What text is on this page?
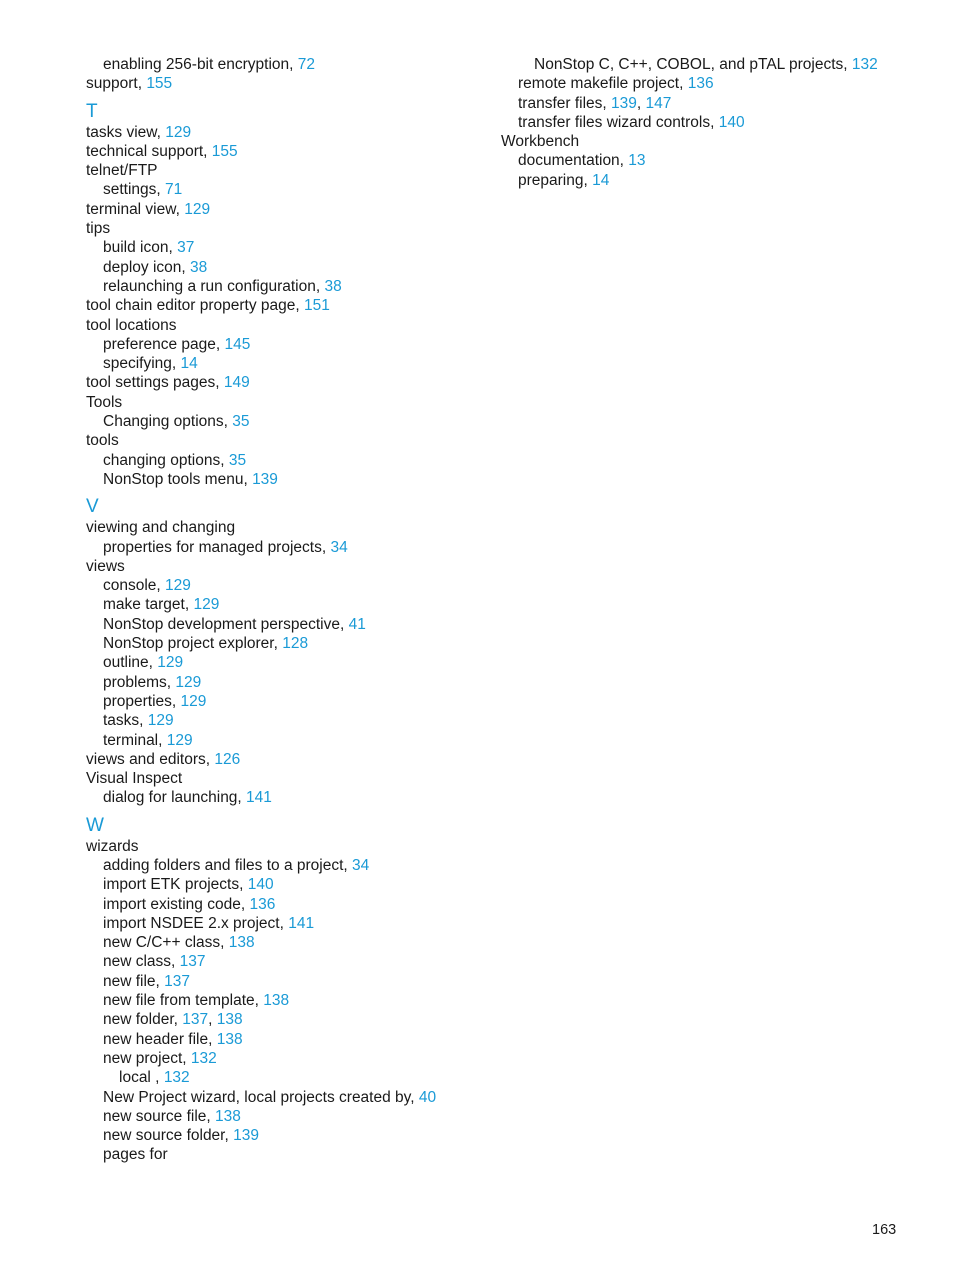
enabling 256-bit encryption, 72
support, 155
T
tasks view, 129
technical support, 155
telnet/FTP
settings, 71
terminal view, 129
tips
build icon, 37
deploy icon, 38
relaunching a run configuration, 38
tool chain editor property page, 151
tool locations
preference page, 145
specifying, 14
tool settings pages, 149
Tools
Changing options, 35
tools
changing options, 35
NonStop tools menu, 139
V
viewing and changing
properties for managed projects, 34
views
console, 129
make target, 129
NonStop development perspective, 41
NonStop project explorer, 128
outline, 129
problems, 129
properties, 129
tasks, 129
terminal, 129
views and editors, 126
Visual Inspect
dialog for launching, 141
W
wizards
adding folders and files to a project, 34
import ETK projects, 140
import existing code, 136
import NSDEE 2.x project, 141
new C/C++ class, 138
new class, 137
new file, 137
new file from template, 138
new folder, 137, 138
new header file, 138
new project, 132
local , 132
New Project wizard, local projects created by, 40
new source file, 138
new source folder, 139
pages for
NonStop C, C++, COBOL, and pTAL projects, 132
remote makefile project, 136
transfer files, 139, 147
transfer files wizard controls, 140
Workbench
documentation, 13
preparing, 14
163
